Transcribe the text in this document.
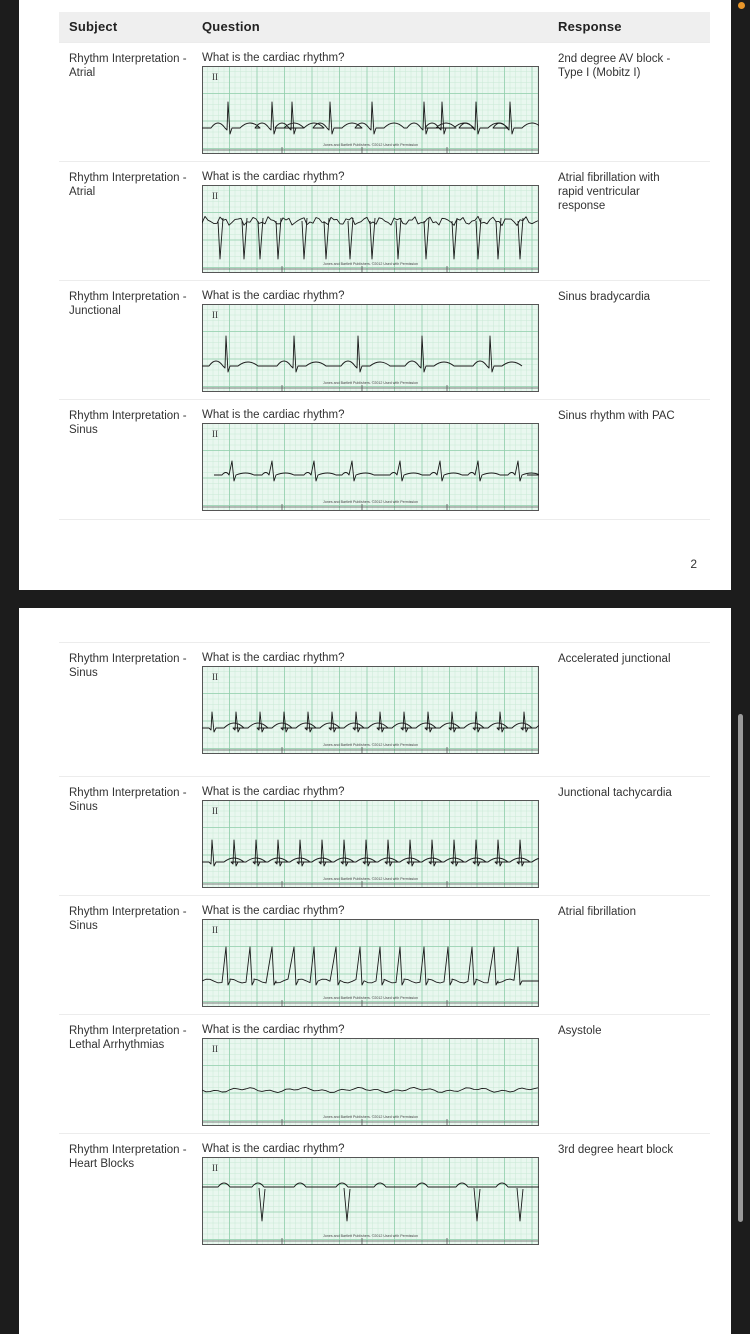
Subject	Question	Response
Rhythm Interpretation - Atrial
What is the cardiac rhythm?
II
Jones and Bartlett Publishers. ©2012 Used with Permission
2nd degree AV block - Type I (Mobitz I)
Rhythm Interpretation - Atrial
What is the cardiac rhythm?
II
Jones and Bartlett Publishers. ©2012 Used with Permission
Atrial fibrillation with rapid ventricular response
Rhythm Interpretation - Junctional
What is the cardiac rhythm?
II
Jones and Bartlett Publishers. ©2012 Used with Permission
Sinus bradycardia
Rhythm Interpretation - Sinus
What is the cardiac rhythm?
II
Jones and Bartlett Publishers. ©2012 Used with Permission
Sinus rhythm with PAC
2
Rhythm Interpretation - Sinus
What is the cardiac rhythm?
II
Jones and Bartlett Publishers. ©2012 Used with Permission
Accelerated junctional
Rhythm Interpretation - Sinus
What is the cardiac rhythm?
II
Jones and Bartlett Publishers. ©2012 Used with Permission
Junctional tachycardia
Rhythm Interpretation - Sinus
What is the cardiac rhythm?
II
Jones and Bartlett Publishers. ©2012 Used with Permission
Atrial fibrillation
Rhythm Interpretation - Lethal Arrhythmias
What is the cardiac rhythm?
II
Jones and Bartlett Publishers. ©2012 Used with Permission
Asystole
Rhythm Interpretation - Heart Blocks
What is the cardiac rhythm?
II
Jones and Bartlett Publishers. ©2012 Used with Permission
3rd degree heart block
